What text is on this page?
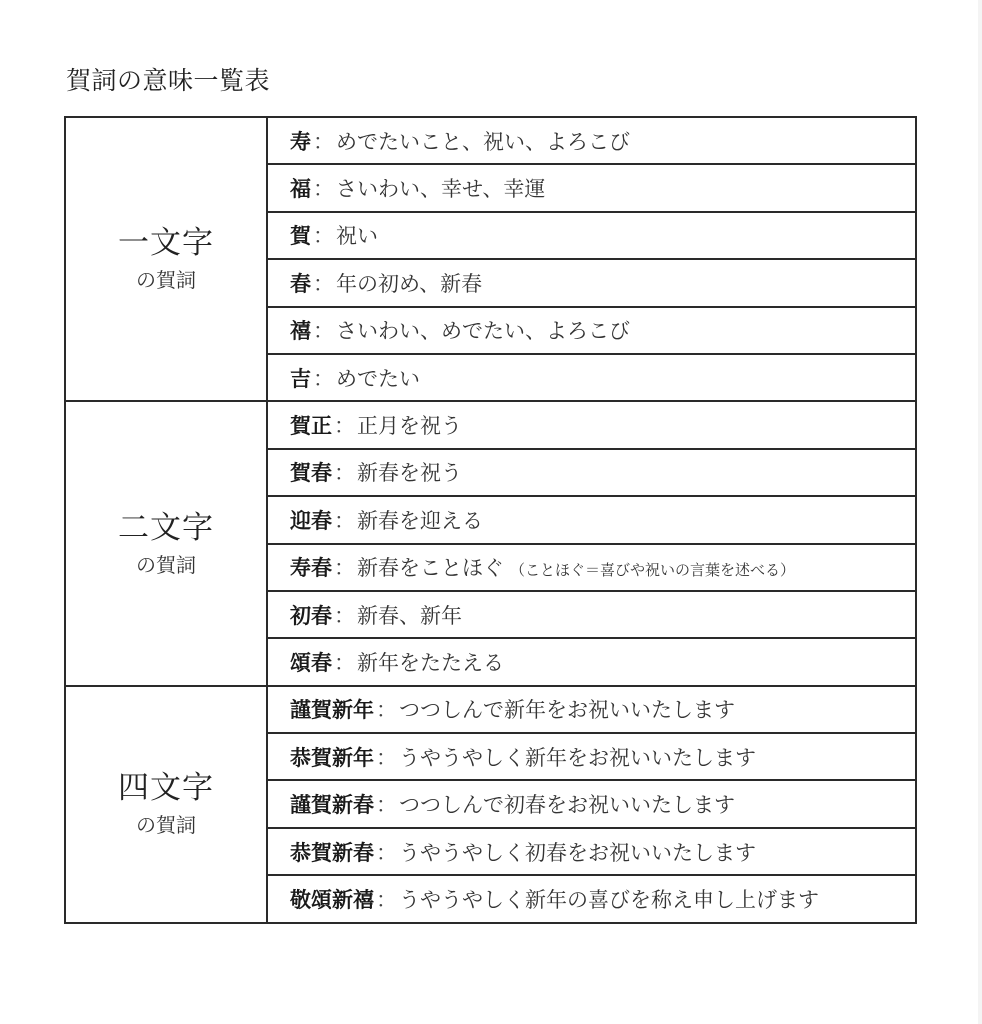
賀詞の意味一覧表
一文字
の賀詞	寿：めでたいこと、祝い、よろこび
	福：さいわい、幸せ、幸運
	賀：祝い
	春：年の初め、新春
	禧：さいわい、めでたい、よろこび
	吉：めでたい

二文字
の賀詞	賀正：正月を祝う
	賀春：新春を祝う
	迎春：新春を迎える
	寿春：新春をことほぐ （ことほぐ＝喜びや祝いの言葉を述べる）
	初春：新春、新年
	頌春：新年をたたえる

四文字
の賀詞	謹賀新年：つつしんで新年をお祝いいたします
	恭賀新年：うやうやしく新年をお祝いいたします
	謹賀新春：つつしんで初春をお祝いいたします
	恭賀新春：うやうやしく初春をお祝いいたします
	敬頌新禧：うやうやしく新年の喜びを称え申し上げます
